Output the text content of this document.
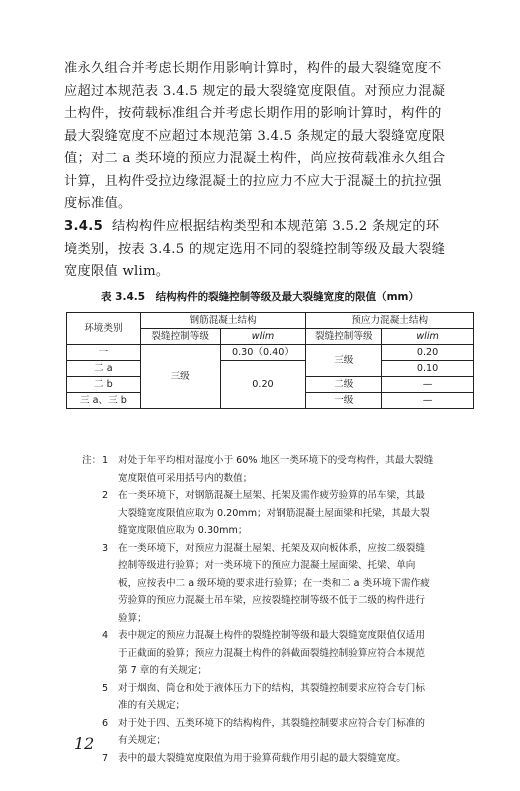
准永久组合并考虑长期作用影响计算时，构件的最大裂缝宽度不
应超过本规范表 3.4.5 规定的最大裂缝宽度限值。对预应力混凝
土构件，按荷载标准组合并考虑长期作用的影响计算时，构件的
最大裂缝宽度不应超过本规范第 3.4.5 条规定的最大裂缝宽度限
值；对二 a 类环境的预应力混凝土构件，尚应按荷载准永久组合
计算，且构件受拉边缘混凝土的拉应力不应大于混凝土的抗拉强
度标准值。
3.4.5 结构构件应根据结构类型和本规范第 3.5.2 条规定的环
境类别，按表 3.4.5 的规定选用不同的裂缝控制等级及最大裂缝
宽度限值 wlim。
表 3.4.5　结构构件的裂缝控制等级及最大裂缝宽度的限值（mm）
环境类别	钢筋混凝土结构		预应力混凝土结构	
	裂缝控制等级	wlim	裂缝控制等级	wlim
一	三级	0.30（0.40）	三级	0.20
二 a		0.20		0.10
二 b			二级	—
三 a、三 b			一级	—
注： 1 对处于年平均相对湿度小于 60% 地区一类环境下的受弯构件，其最大裂缝
宽度限值可采用括号内的数值；
2 在一类环境下，对钢筋混凝土屋架、托架及需作疲劳验算的吊车梁，其最
大裂缝宽度限值应取为 0.20mm；对钢筋混凝土屋面梁和托梁，其最大裂
缝宽度限值应取为 0.30mm；
3 在一类环境下，对预应力混凝土屋架、托架及双向板体系，应按二级裂缝
控制等级进行验算；对一类环境下的预应力混凝土屋面梁、托梁、单向
板，应按表中二 a 级环境的要求进行验算；在一类和二 a 类环境下需作疲
劳验算的预应力混凝土吊车梁，应按裂缝控制等级不低于二级的构件进行
验算；
4 表中规定的预应力混凝土构件的裂缝控制等级和最大裂缝宽度限值仅适用
于正截面的验算；预应力混凝土构件的斜截面裂缝控制验算应符合本规范
第 7 章的有关规定；
5 对于烟囱、筒仓和处于液体压力下的结构，其裂缝控制要求应符合专门标
准的有关规定；
6 对于处于四、五类环境下的结构构件，其裂缝控制要求应符合专门标准的
有关规定；
7 表中的最大裂缝宽度限值为用于验算荷载作用引起的最大裂缝宽度。
12
